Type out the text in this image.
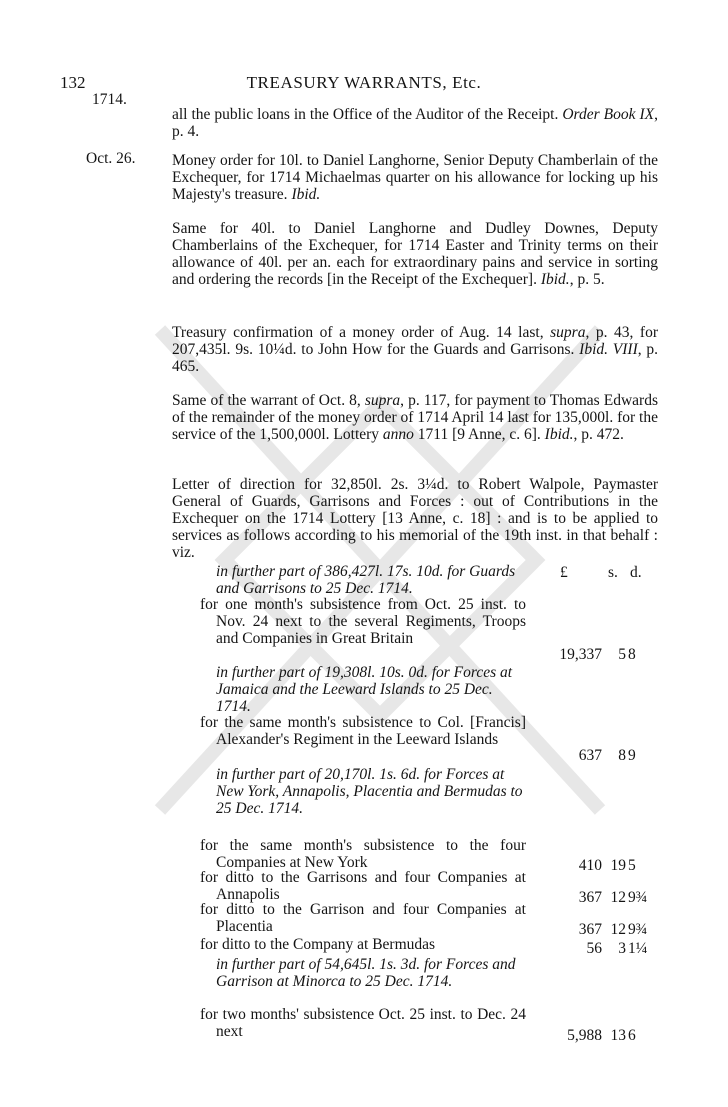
132	TREASURY WARRANTS, Etc.
1714.
all the public loans in the Office of the Auditor of the Receipt. Order Book IX, p. 4.
Oct. 26. Money order for 10l. to Daniel Langhorne, Senior Deputy Chamberlain of the Exchequer, for 1714 Michaelmas quarter on his allowance for locking up his Majesty's treasure. Ibid.
Same for 40l. to Daniel Langhorne and Dudley Downes, Deputy Chamberlains of the Exchequer, for 1714 Easter and Trinity terms on their allowance of 40l. per an. each for extraordinary pains and service in sorting and ordering the records [in the Receipt of the Exchequer]. Ibid., p. 5.
Treasury confirmation of a money order of Aug. 14 last, supra, p. 43, for 207,435l. 9s. 10¼d. to John How for the Guards and Garrisons. Ibid. VIII, p. 465.
Same of the warrant of Oct. 8, supra, p. 117, for payment to Thomas Edwards of the remainder of the money order of 1714 April 14 last for 135,000l. for the service of the 1,500,000l. Lottery anno 1711 [9 Anne, c. 6]. Ibid., p. 472.
Letter of direction for 32,850l. 2s. 3¼d. to Robert Walpole, Paymaster General of Guards, Garrisons and Forces : out of Contributions in the Exchequer on the 1714 Lottery [13 Anne, c. 18] : and is to be applied to services as follows according to his memorial of the 19th inst. in that behalf : viz.
£	s. d.
in further part of 386,427l. 17s. 10d. for Guards and Garrisons to 25 Dec. 1714.
for one month's subsistence from Oct. 25 inst. to Nov. 24 next to the several Regiments, Troops and Companies in Great Britain
19,337	5 8
in further part of 19,308l. 10s. 0d. for Forces at Jamaica and the Leeward Islands to 25 Dec. 1714.
for the same month's subsistence to Col. [Francis] Alexander's Regiment in the Leeward Islands
637	8 9
in further part of 20,170l. 1s. 6d. for Forces at New York, Annapolis, Placentia and Bermudas to 25 Dec. 1714.
for the same month's subsistence to the four Companies at New York	410 19 5
for ditto to the Garrisons and four Companies at Annapolis	367 12 9¾
for ditto to the Garrison and four Companies at Placentia	367 12 9¾
for ditto to the Company at Bermudas	56	3 1¼
in further part of 54,645l. 1s. 3d. for Forces and Garrison at Minorca to 25 Dec. 1714.
for two months' subsistence Oct. 25 inst. to Dec. 24 next	5,988 13 6
